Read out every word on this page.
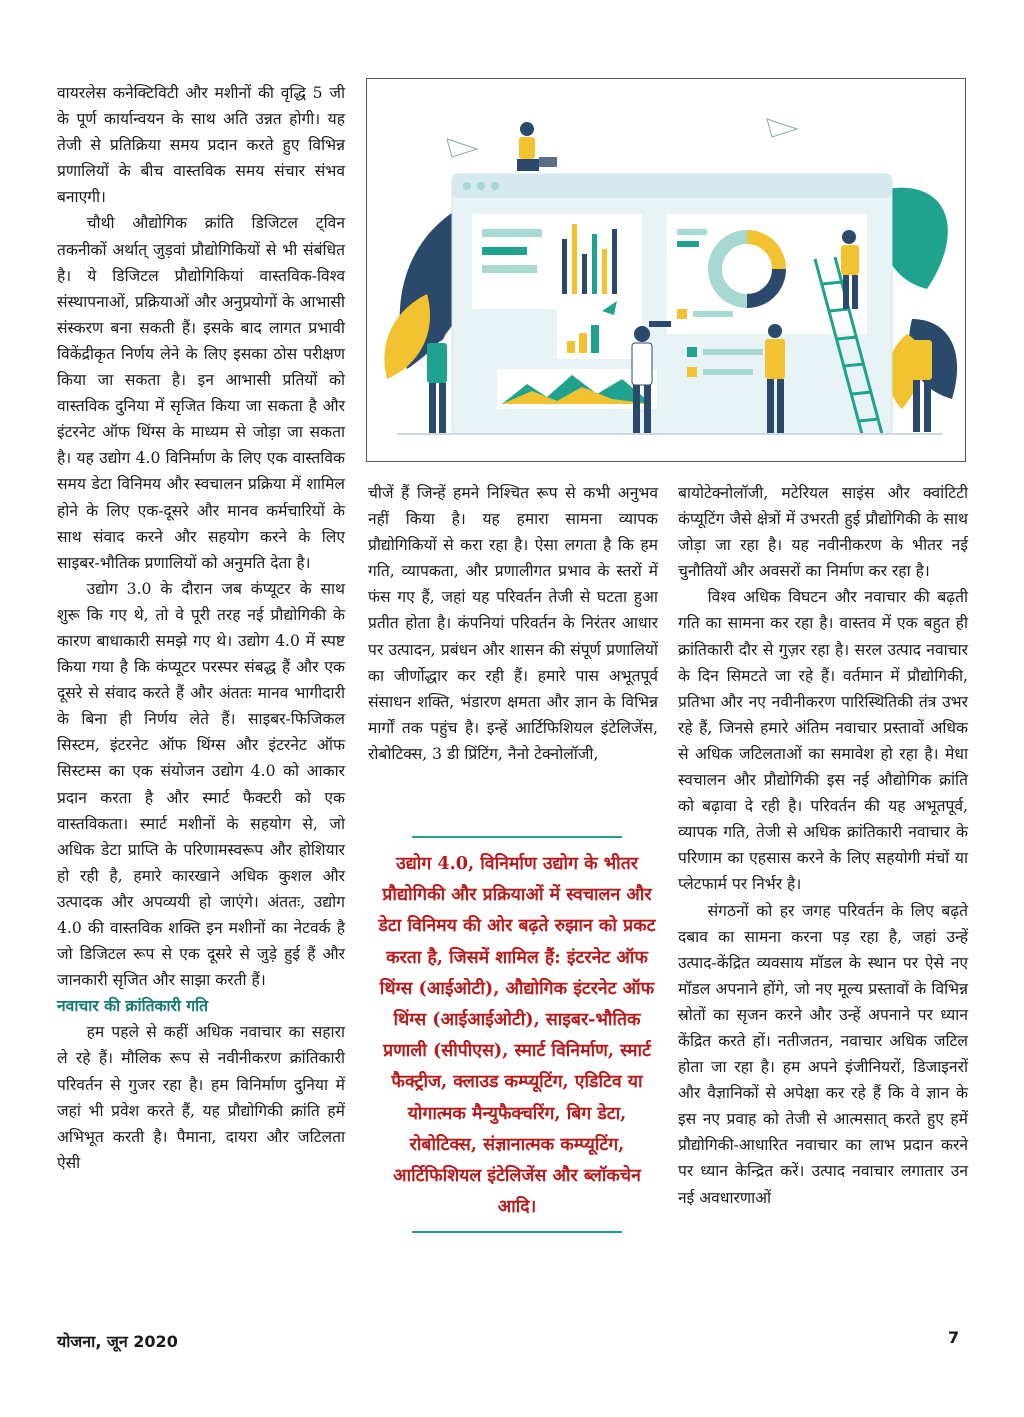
वायरलेस कनेक्टिविटी और मशीनों की वृद्धि 5 जी के पूर्ण कार्यान्वयन के साथ अति उन्नत होगी। यह तेजी से प्रतिक्रिया समय प्रदान करते हुए विभिन्न प्रणालियों के बीच वास्तविक समय संचार संभव बनाएगी।

चौथी औद्योगिक क्रांति डिजिटल ट्विन तकनीकों अर्थात् जुड़वां प्रौद्योगिकियों से भी संबंधित है। ये डिजिटल प्रौद्योगिकियां वास्तविक-विश्व संस्थापनाओं, प्रक्रियाओं और अनुप्रयोगों के आभासी संस्करण बना सकती हैं। इसके बाद लागत प्रभावी विकेंद्रीकृत निर्णय लेने के लिए इसका ठोस परीक्षण किया जा सकता है। इन आभासी प्रतियों को वास्तविक दुनिया में सृजित किया जा सकता है और इंटरनेट ऑफ थिंग्स के माध्यम से जोड़ा जा सकता है। यह उद्योग 4.0 विनिर्माण के लिए एक वास्तविक समय डेटा विनिमय और स्वचालन प्रक्रिया में शामिल होने के लिए एक-दूसरे और मानव कर्मचारियों के साथ संवाद करने और सहयोग करने के लिए साइबर-भौतिक प्रणालियों को अनुमति देता है।

उद्योग 3.0 के दौरान जब कंप्यूटर के साथ शुरू कि गए थे, तो वे पूरी तरह नई प्रौद्योगिकी के कारण बाधाकारी समझे गए थे। उद्योग 4.0 में स्पष्ट किया गया है कि कंप्यूटर परस्पर संबद्ध हैं और एक दूसरे से संवाद करते हैं और अंततः मानव भागीदारी के बिना ही निर्णय लेते हैं। साइबर-फिजिकल सिस्टम, इंटरनेट ऑफ थिंग्स और इंटरनेट ऑफ सिस्टम्स का एक संयोजन उद्योग 4.0 को आकार प्रदान करता है और स्मार्ट फैक्टरी को एक वास्तविकता। स्मार्ट मशीनों के सहयोग से, जो अधिक डेटा प्राप्ति के परिणामस्वरूप और होशियार हो रही है, हमारे कारखाने अधिक कुशल और उत्पादक और अपव्ययी हो जाएंगे। अंततः, उद्योग 4.0 की वास्तविक शक्ति इन मशीनों का नेटवर्क है जो डिजिटल रूप से एक दूसरे से जुड़े हुई हैं और जानकारी सृजित और साझा करती हैं।

नवाचार की क्रांतिकारी गति

हम पहले से कहीं अधिक नवाचार का सहारा ले रहे हैं। मौलिक रूप से नवीनीकरण क्रांतिकारी परिवर्तन से गुजर रहा है। हम विनिर्माण दुनिया में जहां भी प्रवेश करते हैं, यह प्रौद्योगिकी क्रांति हमें अभिभूत करती है। पैमाना, दायरा और जटिलता ऐसी

चीजें हैं जिन्हें हमने निश्चित रूप से कभी अनुभव नहीं किया है। यह हमारा सामना व्यापक प्रौद्योगिकियों से करा रहा है। ऐसा लगता है कि हम गति, व्यापकता, और प्रणालीगत प्रभाव के स्तरों में फंस गए हैं, जहां यह परिवर्तन तेजी से घटता हुआ प्रतीत होता है। कंपनियां परिवर्तन के निरंतर आधार पर उत्पादन, प्रबंधन और शासन की संपूर्ण प्रणालियों का जीर्णोद्धार कर रही हैं। हमारे पास अभूतपूर्व संसाधन शक्ति, भंडारण क्षमता और ज्ञान के विभिन्न मार्गों तक पहुंच है। इन्हें आर्टिफिशियल इंटेलिजेंस, रोबोटिक्स, 3 डी प्रिंटिंग, नैनो टेक्नोलॉजी,

उद्योग 4.0, विनिर्माण उद्योग के भीतर प्रौद्योगिकी और प्रक्रियाओं में स्वचालन और डेटा विनिमय की ओर बढ़ते रुझान को प्रकट करता है, जिसमें शामिल हैं: इंटरनेट ऑफ थिंग्स (आईओटी), औद्योगिक इंटरनेट ऑफ थिंग्स (आईआईओटी), साइबर-भौतिक प्रणाली (सीपीएस), स्मार्ट विनिर्माण, स्मार्ट फैक्ट्रीज, क्लाउड कम्प्यूटिंग, एडिटिव या योगात्मक मैन्युफैक्चरिंग, बिग डेटा, रोबोटिक्स, संज्ञानात्मक कम्प्यूटिंग, आर्टिफिशियल इंटेलिजेंस और ब्लॉकचेन आदि।

बायोटेक्नोलॉजी, मटेरियल साइंस और क्वांटिटी कंप्यूटिंग जैसे क्षेत्रों में उभरती हुई प्रौद्योगिकी के साथ जोड़ा जा रहा है। यह नवीनीकरण के भीतर नई चुनौतियों और अवसरों का निर्माण कर रहा है।

विश्व अधिक विघटन और नवाचार की बढ़ती गति का सामना कर रहा है। वास्तव में एक बहुत ही क्रांतिकारी दौर से गुज़र रहा है। सरल उत्पाद नवाचार के दिन सिमटते जा रहे हैं। वर्तमान में प्रौद्योगिकी, प्रतिभा और नए नवीनीकरण पारिस्थितिकी तंत्र उभर रहे हैं, जिनसे हमारे अंतिम नवाचार प्रस्तावों अधिक से अधिक जटिलताओं का समावेश हो रहा है। मेधा स्वचालन और प्रौद्योगिकी इस नई औद्योगिक क्रांति को बढ़ावा दे रही है। परिवर्तन की यह अभूतपूर्व, व्यापक गति, तेजी से अधिक क्रांतिकारी नवाचार के परिणाम का एहसास करने के लिए सहयोगी मंचों या प्लेटफार्म पर निर्भर है।

संगठनों को हर जगह परिवर्तन के लिए बढ़ते दबाव का सामना करना पड़ रहा है, जहां उन्हें उत्पाद-केंद्रित व्यवसाय मॉडल के स्थान पर ऐसे नए मॉडल अपनाने होंगे, जो नए मूल्य प्रस्तावों के विभिन्न स्रोतों का सृजन करने और उन्हें अपनाने पर ध्यान केंद्रित करते हों। नतीजतन, नवाचार अधिक जटिल होता जा रहा है। हम अपने इंजीनियरों, डिजाइनरों और वैज्ञानिकों से अपेक्षा कर रहे हैं कि वे ज्ञान के इस नए प्रवाह को तेजी से आत्मसात् करते हुए हमें प्रौद्योगिकी-आधारित नवाचार का लाभ प्रदान करने पर ध्यान केन्द्रित करें। उत्पाद नवाचार लगातार उन नई अवधारणाओं

योजना, जून 2020	7
